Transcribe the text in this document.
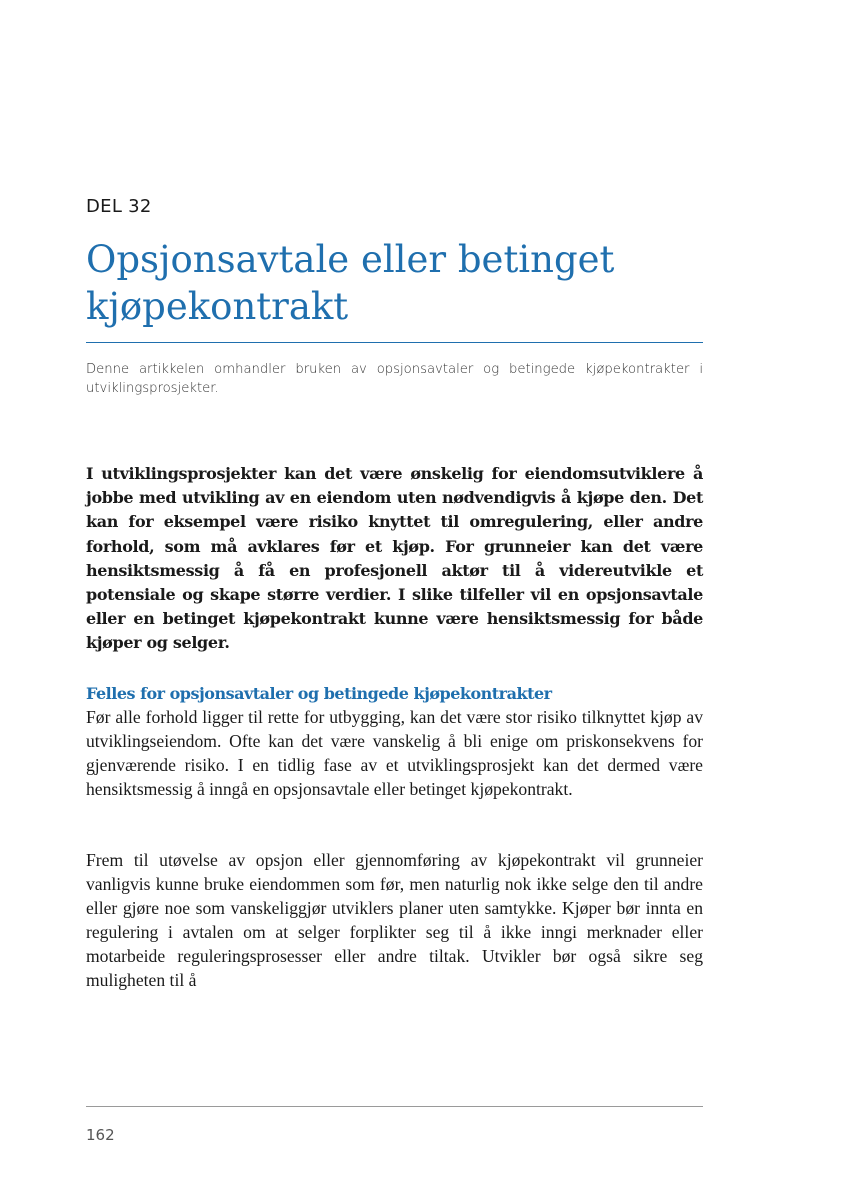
DEL 32
Opsjonsavtale eller betinget kjøpekontrakt

Denne artikkelen omhandler bruken av opsjonsavtaler og betingede kjøpekontrakter i utviklingsprosjekter.

I utviklingsprosjekter kan det være ønskelig for eiendomsutviklere å jobbe med utvikling av en eiendom uten nødvendigvis å kjøpe den. Det kan for eksempel være risiko knyttet til omregulering, eller andre forhold, som må avklares før et kjøp. For grunneier kan det være hensiktsmessig å få en profesjonell aktør til å videreutvikle et potensiale og skape større verdier. I slike tilfeller vil en opsjonsavtale eller en betinget kjøpekontrakt kunne være hensiktsmessig for både kjøper og selger.

Felles for opsjonsavtaler og betingede kjøpekontrakter

Før alle forhold ligger til rette for utbygging, kan det være stor risiko tilknyttet kjøp av utviklingseiendom. Ofte kan det være vanskelig å bli enige om priskonsekvens for gjenværende risiko. I en tidlig fase av et utviklingsprosjekt kan det dermed være hensiktsmessig å inngå en opsjonsavtale eller betinget kjøpekontrakt.

Frem til utøvelse av opsjon eller gjennomføring av kjøpekontrakt vil grunneier vanligvis kunne bruke eiendommen som før, men naturlig nok ikke selge den til andre eller gjøre noe som vanskeliggjør utviklers planer uten samtykke. Kjøper bør innta en regulering i avtalen om at selger forplikter seg til å ikke inngi merknader eller motarbeide reguleringsprosesser eller andre tiltak. Utvikler bør også sikre seg muligheten til å

162
